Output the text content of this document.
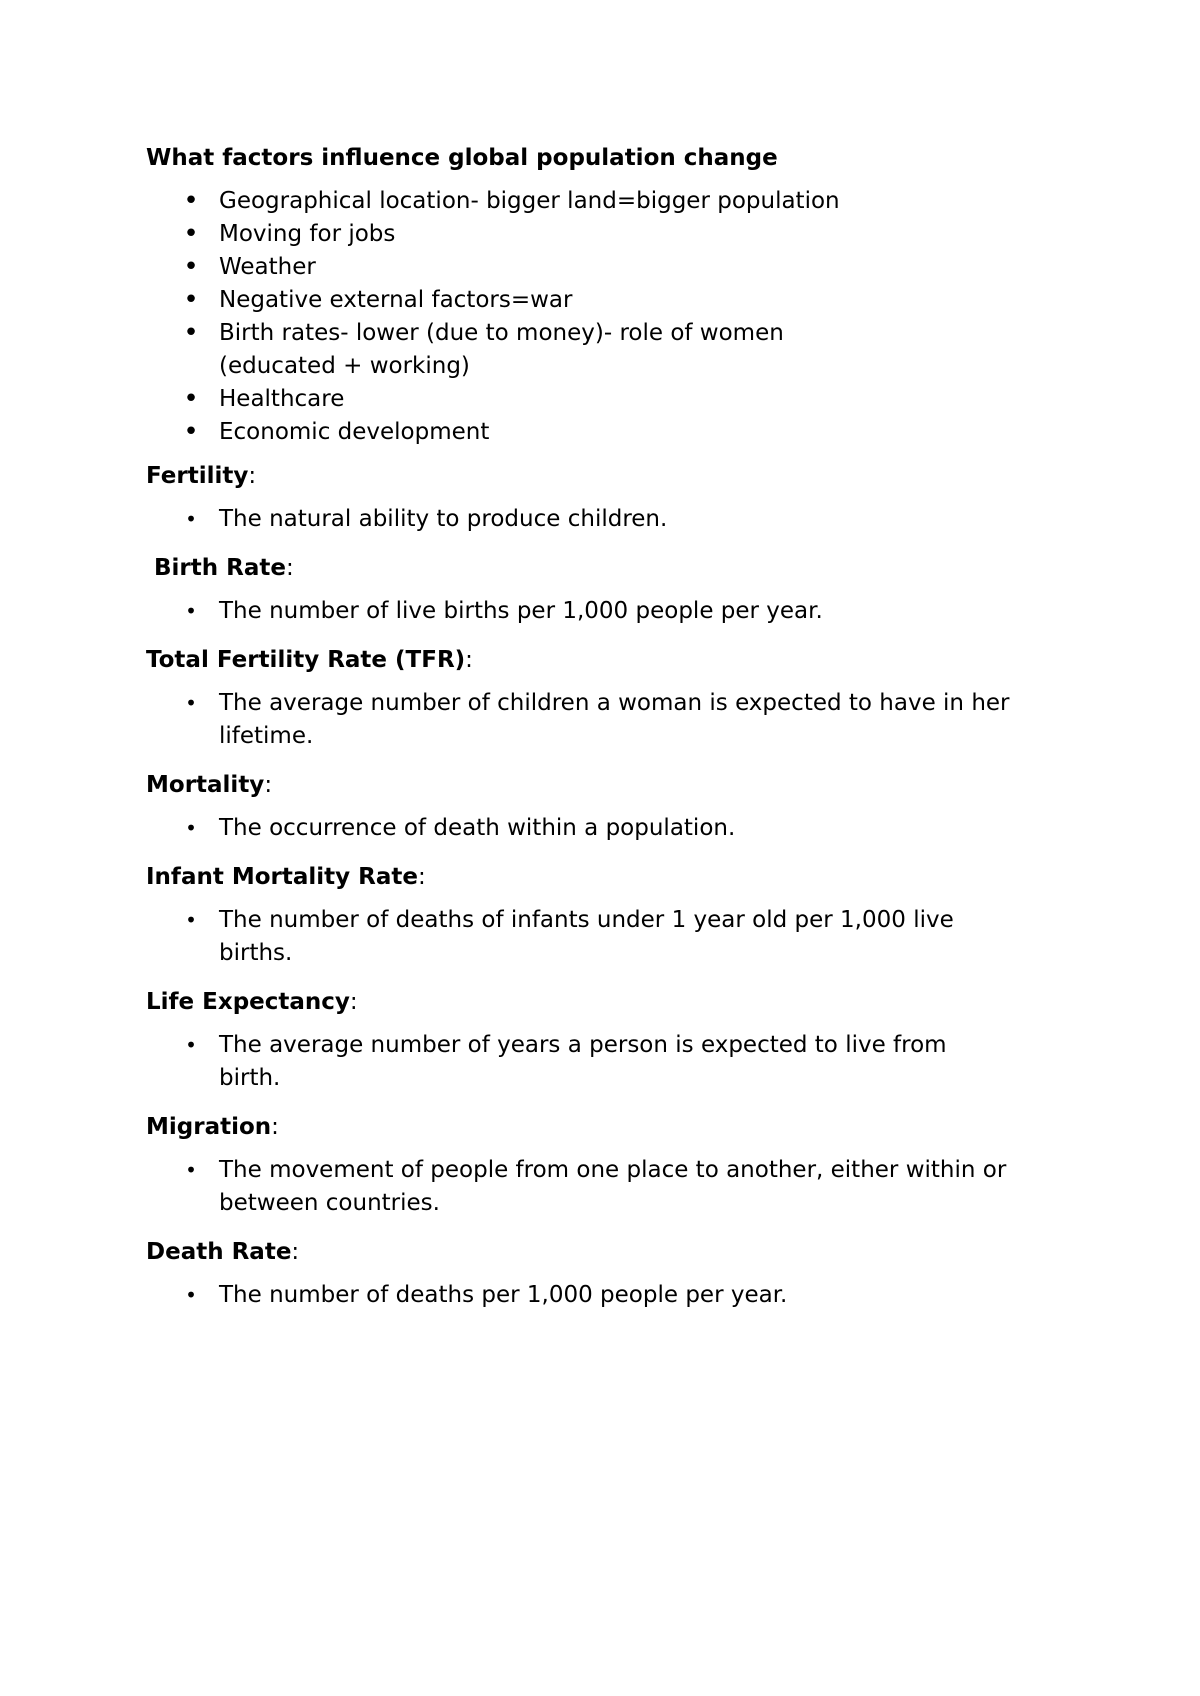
What factors influence global population change

• Geographical location- bigger land=bigger population
• Moving for jobs
• Weather
• Negative external factors=war
• Birth rates- lower (due to money)- role of women (educated + working)
• Healthcare
• Economic development

Fertility:

• The natural ability to produce children.

Birth Rate:

• The number of live births per 1,000 people per year.

Total Fertility Rate (TFR):

• The average number of children a woman is expected to have in her lifetime.

Mortality:

• The occurrence of death within a population.

Infant Mortality Rate:

• The number of deaths of infants under 1 year old per 1,000 live births.

Life Expectancy:

• The average number of years a person is expected to live from birth.

Migration:

• The movement of people from one place to another, either within or between countries.

Death Rate:

• The number of deaths per 1,000 people per year.
